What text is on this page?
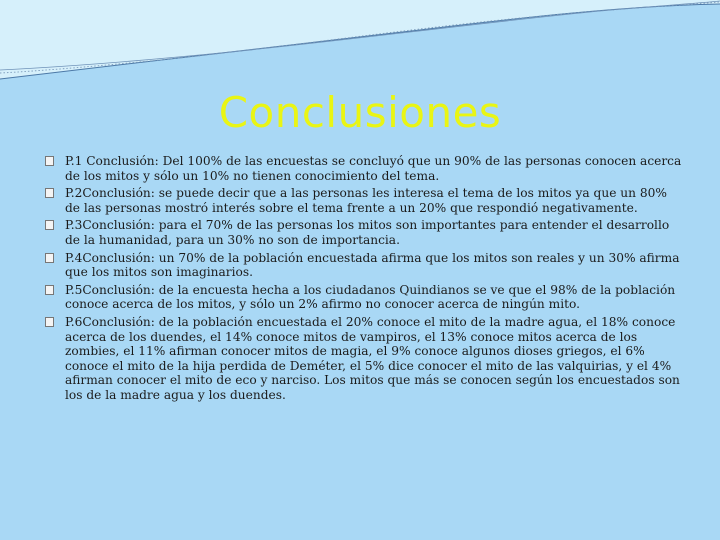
Conclusiones
P.1 Conclusión: Del 100% de las encuestas se concluyó que un 90% de las personas conocen acerca de los mitos y sólo un 10% no tienen conocimiento del tema.
P.2Conclusión: se puede decir que a las personas les interesa el tema de los mitos ya que un 80% de las personas mostró interés sobre el tema frente a un 20% que respondió negativamente.
P.3Conclusión: para el 70% de las personas los mitos son importantes para entender el desarrollo de la humanidad, para un 30% no son de importancia.
P.4Conclusión: un 70% de la población encuestada afirma que los mitos son reales y un 30% afirma que los mitos son imaginarios.
P.5Conclusión: de la encuesta hecha a los ciudadanos Quindianos se ve que el 98% de la población conoce acerca de los mitos, y sólo un 2% afirmo no conocer acerca de ningún mito.
P.6Conclusión: de la población encuestada el 20% conoce el mito de la madre agua, el 18% conoce acerca de los duendes, el 14% conoce mitos de vampiros, el 13% conoce mitos acerca de los zombies, el 11% afirman conocer mitos de magia, el 9% conoce algunos dioses griegos, el 6% conoce el mito de la hija perdida de Deméter, el 5% dice conocer el mito de las valquirias, y el 4% afirman conocer el mito de eco y narciso. Los mitos que más se conocen según los encuestados son los de la madre agua y los duendes.
